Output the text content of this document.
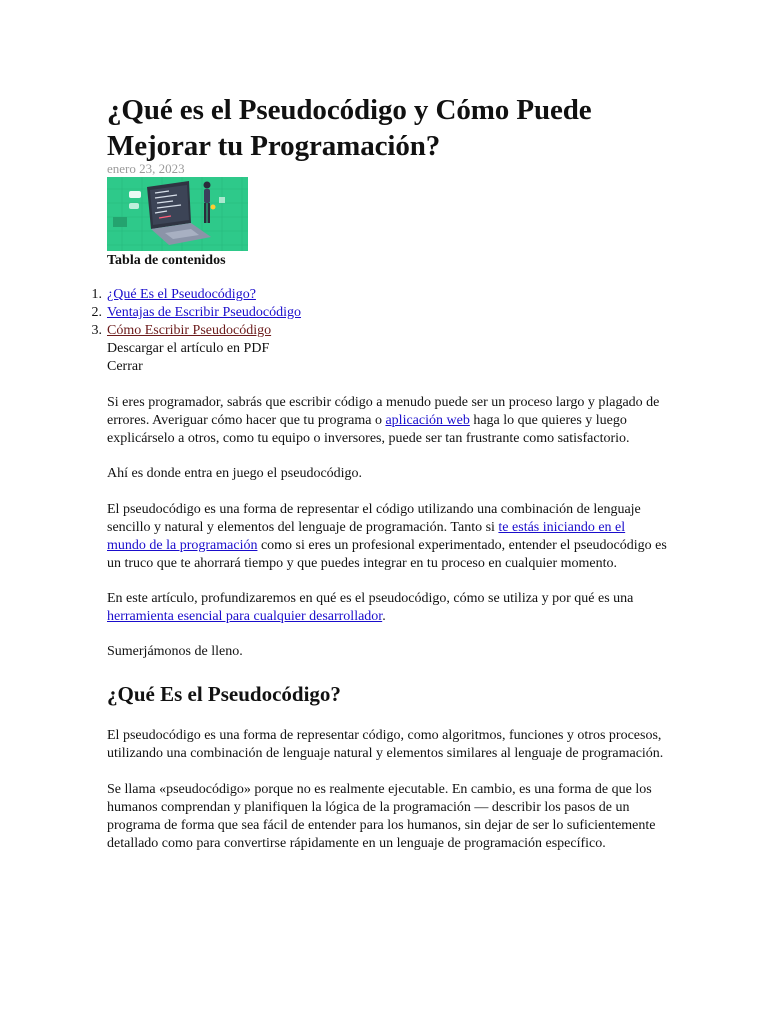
¿Qué es el Pseudocódigo y Cómo Puede Mejorar tu Programación?
enero 23, 2023
Tabla de contenidos
1. ¿Qué Es el Pseudocódigo?
2. Ventajas de Escribir Pseudocódigo
3. Cómo Escribir Pseudocódigo
Descargar el artículo en PDF
Cerrar

Si eres programador, sabrás que escribir código a menudo puede ser un proceso largo y plagado de errores. Averiguar cómo hacer que tu programa o aplicación web haga lo que quieres y luego explicárselo a otros, como tu equipo o inversores, puede ser tan frustrante como satisfactorio.

Ahí es donde entra en juego el pseudocódigo.

El pseudocódigo es una forma de representar el código utilizando una combinación de lenguaje sencillo y natural y elementos del lenguaje de programación. Tanto si te estás iniciando en el mundo de la programación como si eres un profesional experimentado, entender el pseudocódigo es un truco que te ahorrará tiempo y que puedes integrar en tu proceso en cualquier momento.

En este artículo, profundizaremos en qué es el pseudocódigo, cómo se utiliza y por qué es una herramienta esencial para cualquier desarrollador.

Sumerjámonos de lleno.

¿Qué Es el Pseudocódigo?

El pseudocódigo es una forma de representar código, como algoritmos, funciones y otros procesos, utilizando una combinación de lenguaje natural y elementos similares al lenguaje de programación.

Se llama «pseudocódigo» porque no es realmente ejecutable. En cambio, es una forma de que los humanos comprendan y planifiquen la lógica de la programación — describir los pasos de un programa de forma que sea fácil de entender para los humanos, sin dejar de ser lo suficientemente detallado como para convertirse rápidamente en un lenguaje de programación específico.
